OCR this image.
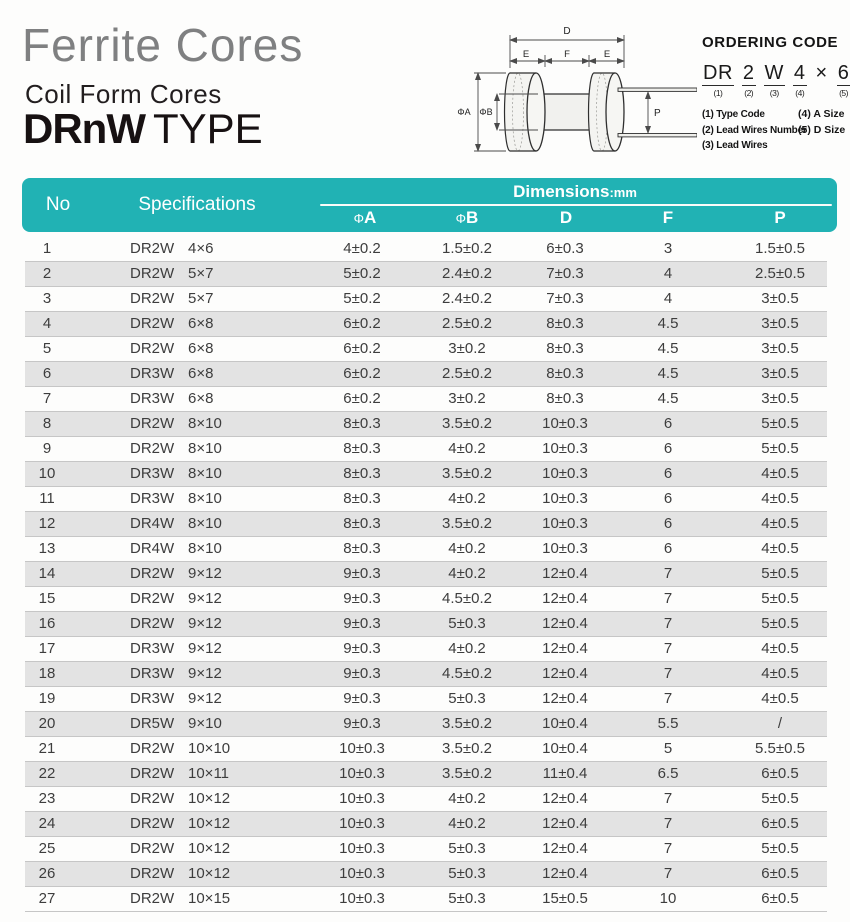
Ferrite Cores
Coil Form Cores
DRnW TYPE
D
E	F	E
ΦA ΦB	P
ORDERING CODE
DR
(1)
2
(2)
W
(3)
4
(4)
× 6
(5)
(1) Type Code	(4) A Size
(2) Lead Wires Number
(5) D Size
(3) Lead Wires
No	Specifications
Dimensions:mm
ΦA	ΦB	D	F	P
1	DR2W 4×6	4±0.2	1.5±0.2	6±0.3	3	1.5±0.5
2	DR2W 5×7	5±0.2	2.4±0.2	7±0.3	4	2.5±0.5
3	DR2W 5×7	5±0.2	2.4±0.2	7±0.3	4	3±0.5
4	DR2W 6×8	6±0.2	2.5±0.2	8±0.3	4.5	3±0.5
5	DR2W 6×8	6±0.2	3±0.2	8±0.3	4.5	3±0.5
6	DR3W 6×8	6±0.2	2.5±0.2	8±0.3	4.5	3±0.5
7	DR3W 6×8	6±0.2	3±0.2	8±0.3	4.5	3±0.5
8	DR2W 8×10	8±0.3	3.5±0.2	10±0.3	6	5±0.5
9	DR2W 8×10	8±0.3	4±0.2	10±0.3	6	5±0.5
10	DR3W 8×10	8±0.3	3.5±0.2	10±0.3	6	4±0.5
11	DR3W 8×10	8±0.3	4±0.2	10±0.3	6	4±0.5
12	DR4W 8×10	8±0.3	3.5±0.2	10±0.3	6	4±0.5
13	DR4W 8×10	8±0.3	4±0.2	10±0.3	6	4±0.5
14	DR2W 9×12	9±0.3	4±0.2	12±0.4	7	5±0.5
15	DR2W 9×12	9±0.3	4.5±0.2	12±0.4	7	5±0.5
16	DR2W 9×12	9±0.3	5±0.3	12±0.4	7	5±0.5
17	DR3W 9×12	9±0.3	4±0.2	12±0.4	7	4±0.5
18	DR3W 9×12	9±0.3	4.5±0.2	12±0.4	7	4±0.5
19	DR3W 9×12	9±0.3	5±0.3	12±0.4	7	4±0.5
20	DR5W 9×10	9±0.3	3.5±0.2	10±0.4	5.5	/
21	DR2W 10×10	10±0.3	3.5±0.2	10±0.4	5	5.5±0.5
22	DR2W 10×11	10±0.3	3.5±0.2	11±0.4	6.5	6±0.5
23	DR2W 10×12	10±0.3	4±0.2	12±0.4	7	5±0.5
24	DR2W 10×12	10±0.3	4±0.2	12±0.4	7	6±0.5
25	DR2W 10×12	10±0.3	5±0.3	12±0.4	7	5±0.5
26	DR2W 10×12	10±0.3	5±0.3	12±0.4	7	6±0.5
27	DR2W 10×15	10±0.3	5±0.3	15±0.5	10	6±0.5
